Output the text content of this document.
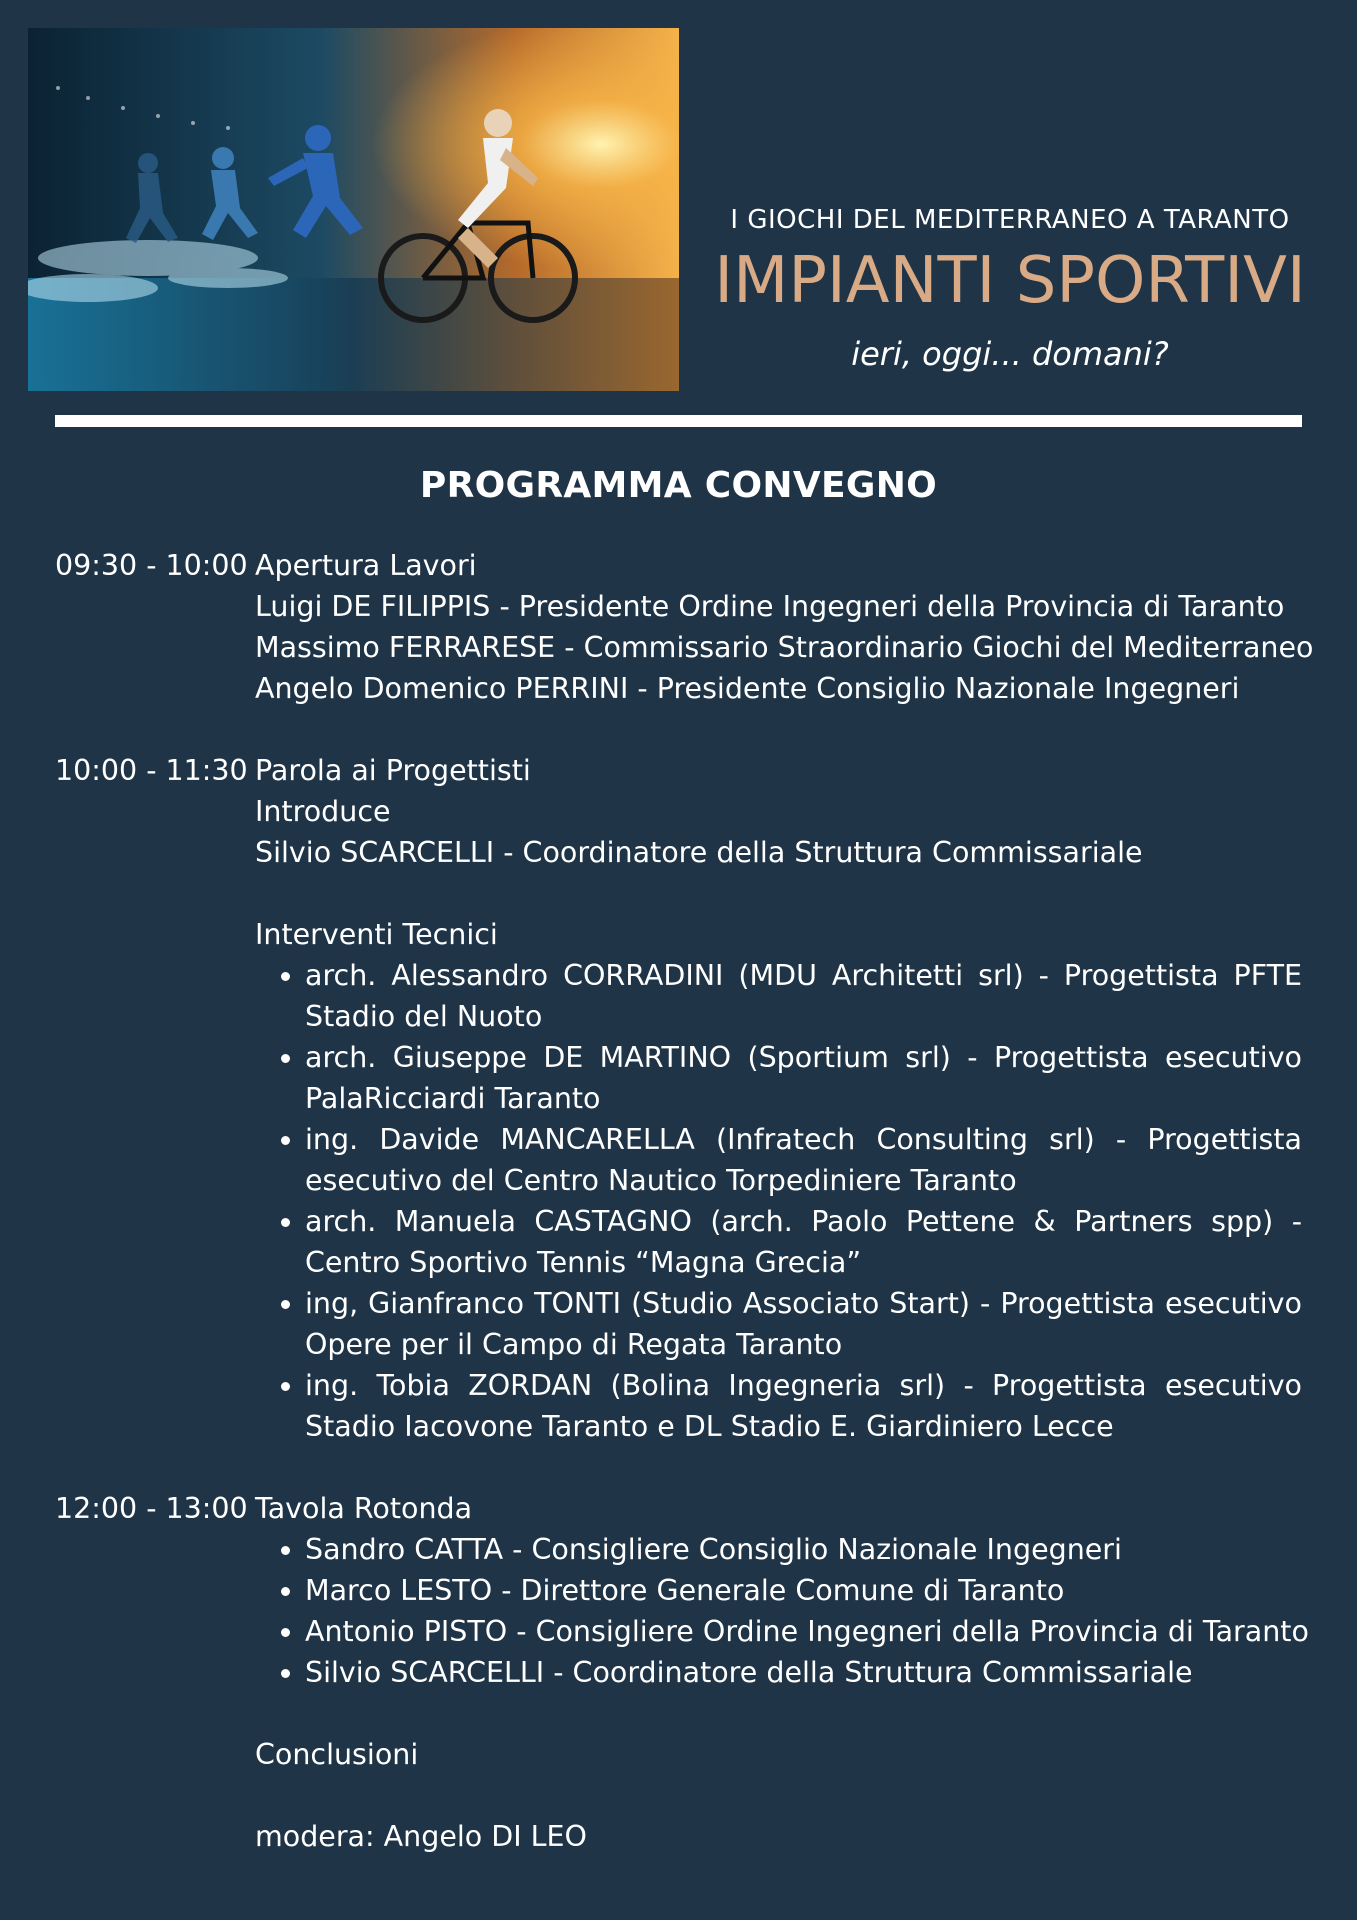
I GIOCHI DEL MEDITERRANEO A TARANTO
IMPIANTI SPORTIVI
ieri, oggi... domani?
PROGRAMMA CONVEGNO
09:30 - 10:00 Apertura Lavori
Luigi DE FILIPPIS - Presidente Ordine Ingegneri della Provincia di Taranto
Massimo FERRARESE - Commissario Straordinario Giochi del Mediterraneo
Angelo Domenico PERRINI - Presidente Consiglio Nazionale Ingegneri
10:00 - 11:30 Parola ai Progettisti
Introduce
Silvio SCARCELLI - Coordinatore della Struttura Commissariale
Interventi Tecnici
• arch. Alessandro CORRADINI (MDU Architetti srl) - Progettista PFTE Stadio del Nuoto
• arch. Giuseppe DE MARTINO (Sportium srl) - Progettista esecutivo PalaRicciardi Taranto
• ing. Davide MANCARELLA (Infratech Consulting srl) - Progettista esecutivo del Centro Nautico Torpediniere Taranto
• arch. Manuela CASTAGNO (arch. Paolo Pettene & Partners spp) - Centro Sportivo Tennis “Magna Grecia”
• ing, Gianfranco TONTI (Studio Associato Start) - Progettista esecutivo Opere per il Campo di Regata Taranto
• ing. Tobia ZORDAN (Bolina Ingegneria srl) - Progettista esecutivo Stadio Iacovone Taranto e DL Stadio E. Giardiniero Lecce
12:00 - 13:00 Tavola Rotonda
• Sandro CATTA - Consigliere Consiglio Nazionale Ingegneri
• Marco LESTO - Direttore Generale Comune di Taranto
• Antonio PISTO - Consigliere Ordine Ingegneri della Provincia di Taranto
• Silvio SCARCELLI - Coordinatore della Struttura Commissariale
Conclusioni
modera: Angelo DI LEO
